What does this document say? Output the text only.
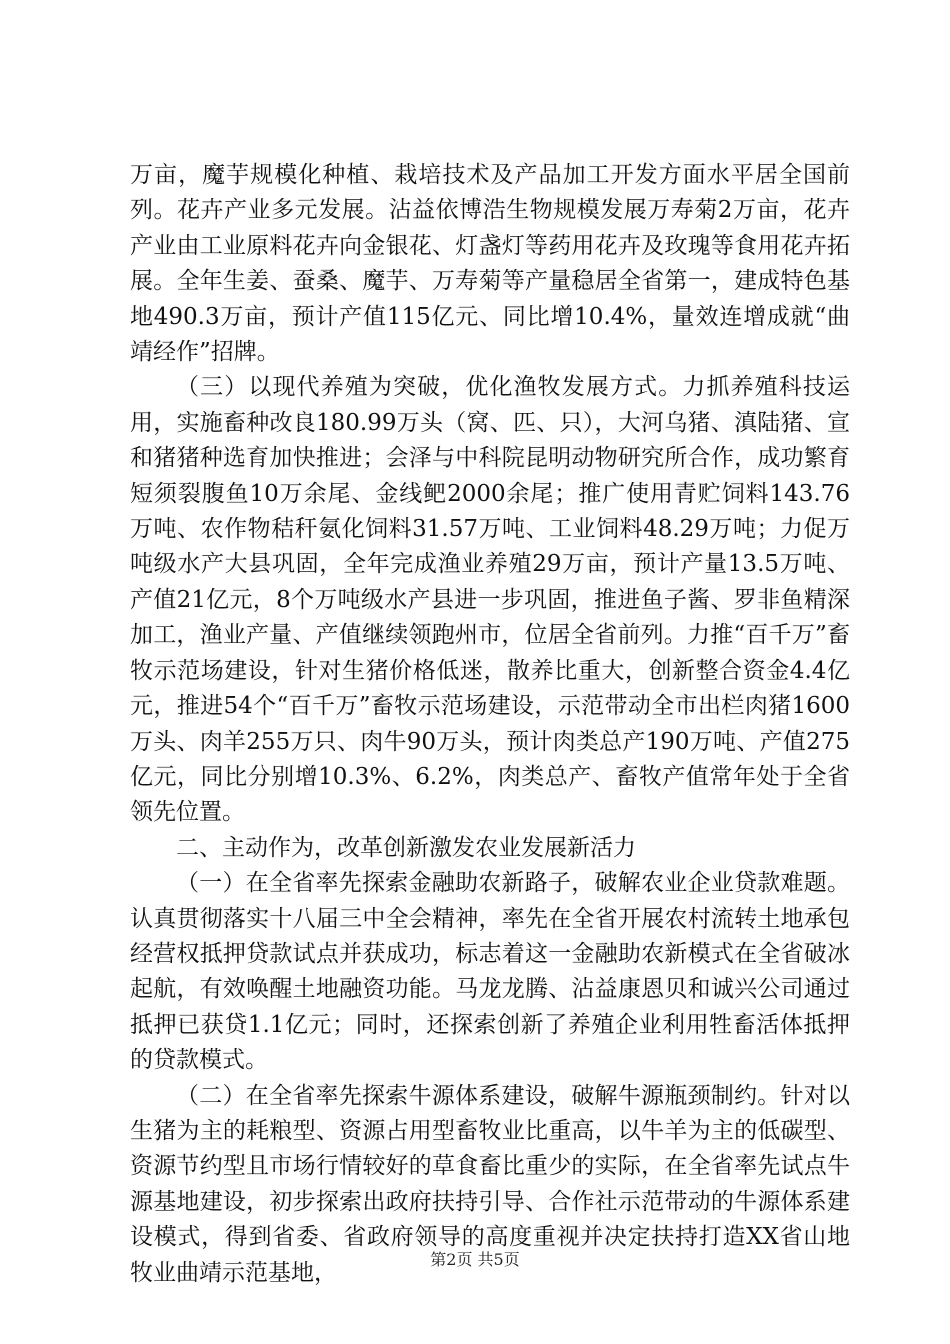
万亩，魔芋规模化种植、栽培技术及产品加工开发方面水平居全国前列。花卉产业多元发展。沾益依博浩生物规模发展万寿菊2万亩，花卉产业由工业原料花卉向金银花、灯盏灯等药用花卉及玫瑰等食用花卉拓展。全年生姜、蚕桑、魔芋、万寿菊等产量稳居全省第一，建成特色基地490.3万亩，预计产值115亿元、同比增10.4%，量效连增成就“曲靖经作”招牌。

（三）以现代养殖为突破，优化渔牧发展方式。力抓养殖科技运用，实施畜种改良180.99万头（窝、匹、只），大河乌猪、滇陆猪、宣和猪猪种选育加快推进；会泽与中科院昆明动物研究所合作，成功繁育短须裂腹鱼10万余尾、金线鲃2000余尾；推广使用青贮饲料143.76万吨、农作物秸秆氨化饲料31.57万吨、工业饲料48.29万吨；力促万吨级水产大县巩固，全年完成渔业养殖29万亩，预计产量13.5万吨、产值21亿元，8个万吨级水产县进一步巩固，推进鱼子酱、罗非鱼精深加工，渔业产量、产值继续领跑州市，位居全省前列。力推“百千万”畜牧示范场建设，针对生猪价格低迷，散养比重大，创新整合资金4.4亿元，推进54个“百千万”畜牧示范场建设，示范带动全市出栏肉猪1600万头、肉羊255万只、肉牛90万头，预计肉类总产190万吨、产值275亿元，同比分别增10.3%、6.2%，肉类总产、畜牧产值常年处于全省领先位置。

二、主动作为，改革创新激发农业发展新活力

（一）在全省率先探索金融助农新路子，破解农业企业贷款难题。认真贯彻落实十八届三中全会精神，率先在全省开展农村流转土地承包经营权抵押贷款试点并获成功，标志着这一金融助农新模式在全省破冰起航，有效唤醒土地融资功能。马龙龙腾、沾益康恩贝和诚兴公司通过抵押已获贷1.1亿元；同时，还探索创新了养殖企业利用牲畜活体抵押的贷款模式。

（二）在全省率先探索牛源体系建设，破解牛源瓶颈制约。针对以生猪为主的耗粮型、资源占用型畜牧业比重高，以牛羊为主的低碳型、资源节约型且市场行情较好的草食畜比重少的实际，在全省率先试点牛源基地建设，初步探索出政府扶持引导、合作社示范带动的牛源体系建设模式，得到省委、省政府领导的高度重视并决定扶持打造XX省山地牧业曲靖示范基地，

第2页 共5页
